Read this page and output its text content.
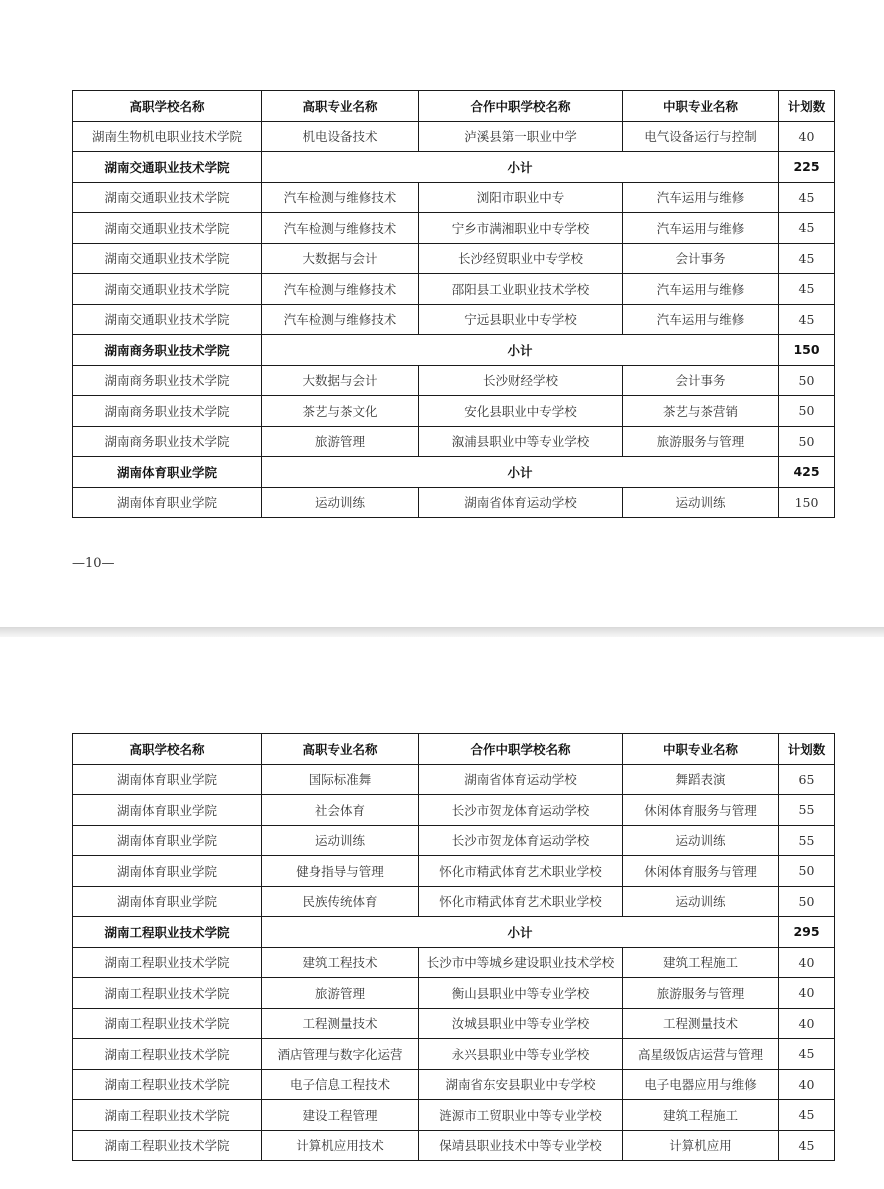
高职学校名称	高职专业名称	合作中职学校名称	中职专业名称	计划数
湖南生物机电职业技术学院	机电设备技术	泸溪县第一职业中学	电气设备运行与控制	40
湖南交通职业技术学院	小计			225
湖南交通职业技术学院	汽车检测与维修技术	浏阳市职业中专	汽车运用与维修	45
湖南交通职业技术学院	汽车检测与维修技术	宁乡市满湘职业中专学校	汽车运用与维修	45
湖南交通职业技术学院	大数据与会计	长沙经贸职业中专学校	会计事务	45
湖南交通职业技术学院	汽车检测与维修技术	邵阳县工业职业技术学校	汽车运用与维修	45
湖南交通职业技术学院	汽车检测与维修技术	宁远县职业中专学校	汽车运用与维修	45
湖南商务职业技术学院	小计			150
湖南商务职业技术学院	大数据与会计	长沙财经学校	会计事务	50
湖南商务职业技术学院	茶艺与茶文化	安化县职业中专学校	茶艺与茶营销	50
湖南商务职业技术学院	旅游管理	溆浦县职业中等专业学校	旅游服务与管理	50
湖南体育职业学院	小计			425
湖南体育职业学院	运动训练	湖南省体育运动学校	运动训练	150
—10—
高职学校名称	高职专业名称	合作中职学校名称	中职专业名称	计划数
湖南体育职业学院	国际标准舞	湖南省体育运动学校	舞蹈表演	65
湖南体育职业学院	社会体育	长沙市贺龙体育运动学校	休闲体育服务与管理	55
湖南体育职业学院	运动训练	长沙市贺龙体育运动学校	运动训练	55
湖南体育职业学院	健身指导与管理	怀化市精武体育艺术职业学校	休闲体育服务与管理	50
湖南体育职业学院	民族传统体育	怀化市精武体育艺术职业学校	运动训练	50
湖南工程职业技术学院	小计			295
湖南工程职业技术学院	建筑工程技术	长沙市中等城乡建设职业技术学校	建筑工程施工	40
湖南工程职业技术学院	旅游管理	衡山县职业中等专业学校	旅游服务与管理	40
湖南工程职业技术学院	工程测量技术	汝城县职业中等专业学校	工程测量技术	40
湖南工程职业技术学院	酒店管理与数字化运营	永兴县职业中等专业学校	高星级饭店运营与管理	45
湖南工程职业技术学院	电子信息工程技术	湖南省东安县职业中专学校	电子电器应用与维修	40
湖南工程职业技术学院	建设工程管理	涟源市工贸职业中等专业学校	建筑工程施工	45
湖南工程职业技术学院	计算机应用技术	保靖县职业技术中等专业学校	计算机应用	45
